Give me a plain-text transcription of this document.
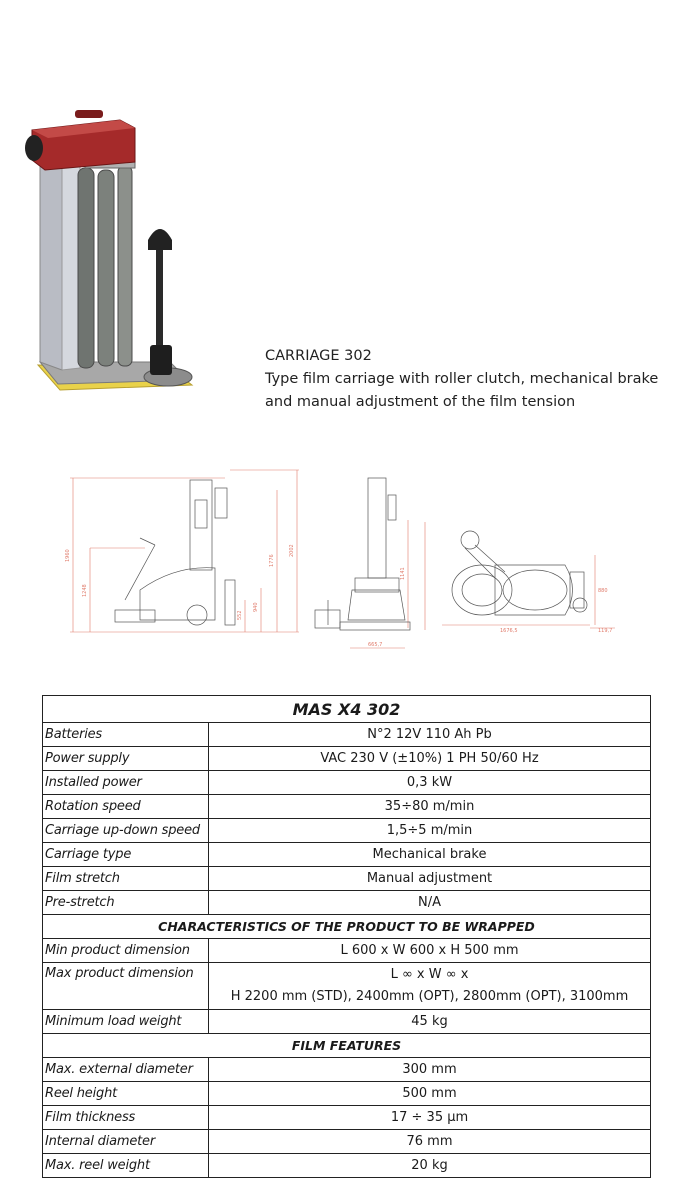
CARRIAGE 302
Type film carriage with roller clutch, mechanical brake
and manual adjustment of the film tension
1960
1248
2002
1776
940
552
1141
665,7
880
1676,5	119,7
MAS X4 302	
Batteries	N°2 12V 110 Ah Pb
Power supply	VAC 230 V (±10%) 1 PH 50/60 Hz
Installed power	0,3 kW
Rotation speed	35÷80 m/min
Carriage up-down speed	1,5÷5 m/min
Carriage type	Mechanical brake
Film stretch	Manual adjustment
Pre-stretch	N/A
CHARACTERISTICS OF THE PRODUCT TO BE WRAPPED	
Min product dimension	L 600 x W 600 x H 500 mm
Max product dimension	L ∞ x W ∞ x
H 2200 mm (STD), 2400mm (OPT), 2800mm (OPT), 3100mm

Minimum load weight	45 kg
FILM FEATURES	
Max. external diameter	300 mm
Reel height	500 mm
Film thickness	17 ÷ 35 µm
Internal diameter	76 mm
Max. reel weight	20 kg
